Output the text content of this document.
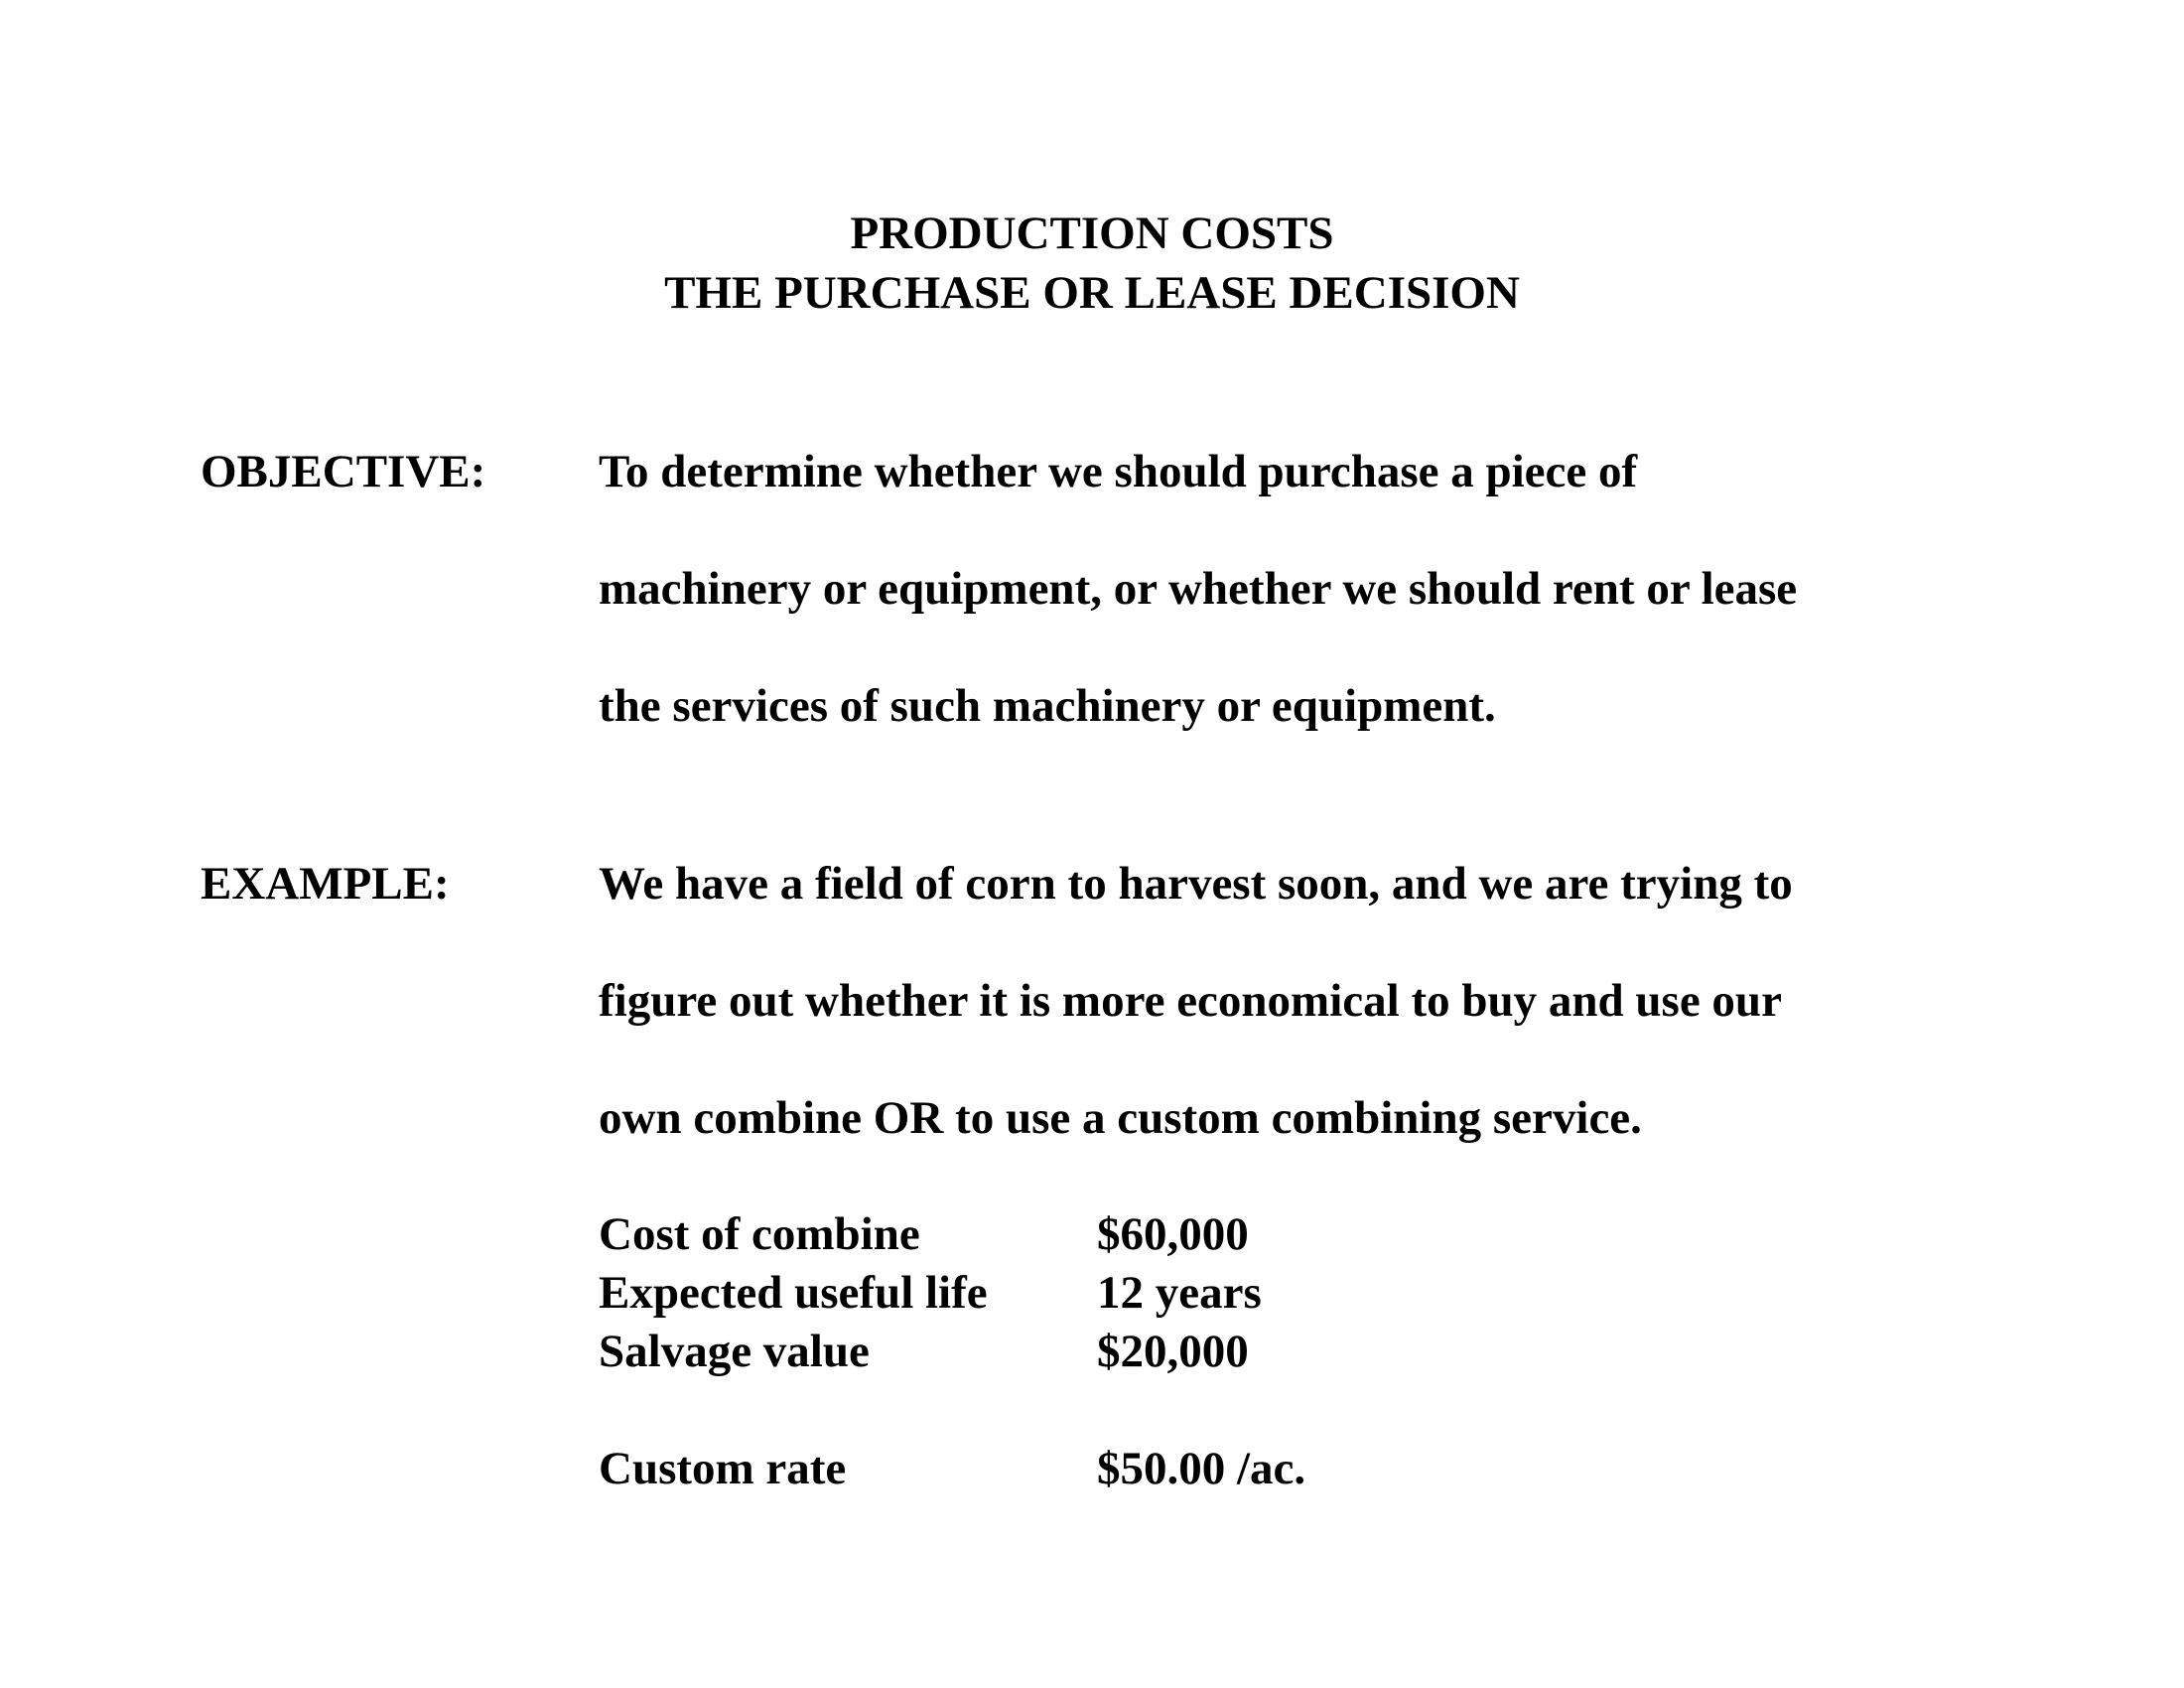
PRODUCTION COSTS
THE PURCHASE OR LEASE DECISION
OBJECTIVE: To determine whether we should purchase a piece of
machinery or equipment, or whether we should rent or lease
the services of such machinery or equipment.
EXAMPLE:	We have a field of corn to harvest soon, and we are trying to
figure out whether it is more economical to buy and use our
own combine OR to use a custom combining service.
Cost of combine	$60,000
Expected useful life 12 years
Salvage value	$20,000
Custom rate	$50.00 /ac.
